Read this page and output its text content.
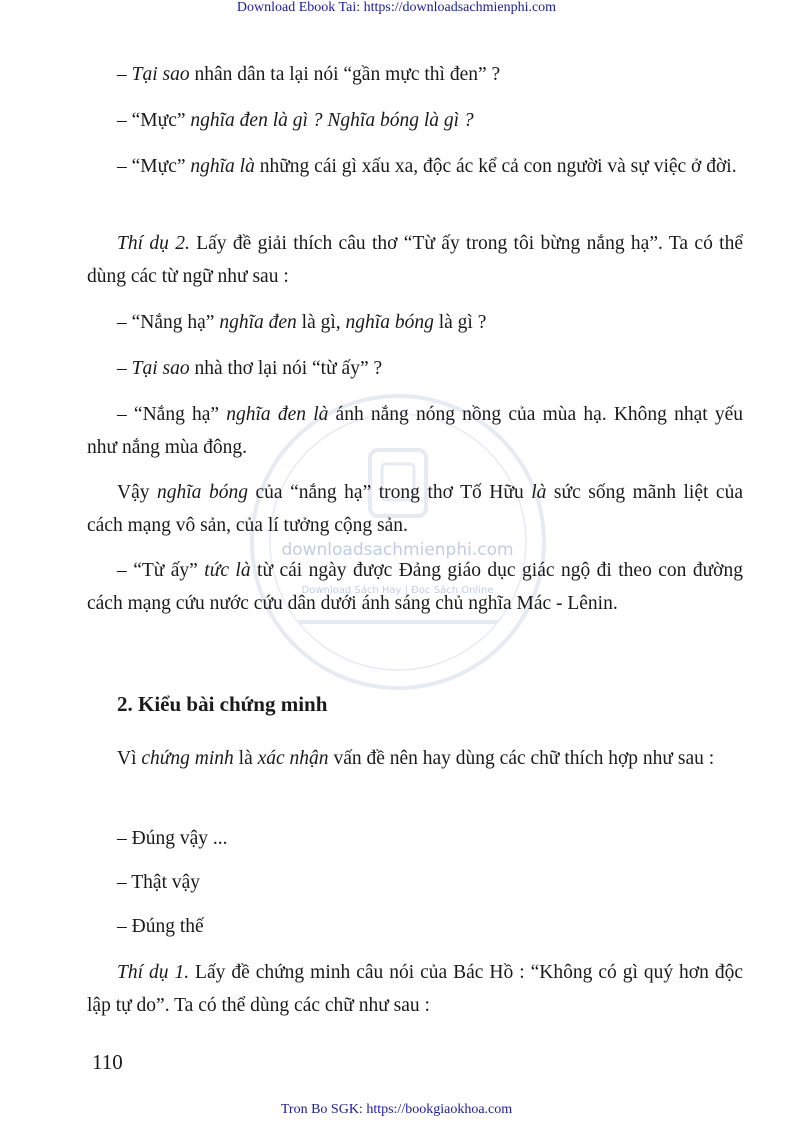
Download Ebook Tai: https://downloadsachmienphi.com
downloadsachmienphi.com
Download Sách Hay | Đọc Sách Online

– Tại sao nhân dân ta lại nói “gần mực thì đen” ?

– “Mực” nghĩa đen là gì ? Nghĩa bóng là gì ?

– “Mực” nghĩa là những cái gì xấu xa, độc ác kể cả con người và sự việc ở đời.

Thí dụ 2. Lấy đề giải thích câu thơ “Từ ấy trong tôi bừng nắng hạ”. Ta có thể dùng các từ ngữ như sau :

– “Nắng hạ” nghĩa đen là gì, nghĩa bóng là gì ?

– Tại sao nhà thơ lại nói “từ ấy” ?

– “Nắng hạ” nghĩa đen là ánh nắng nóng nồng của mùa hạ. Không nhạt yếu như nắng mùa đông.

Vậy nghĩa bóng của “nắng hạ” trong thơ Tố Hữu là sức sống mãnh liệt của cách mạng vô sản, của lí tưởng cộng sản.

– “Từ ấy” tức là từ cái ngày được Đảng giáo dục giác ngộ đi theo con đường cách mạng cứu nước cứu dân dưới ánh sáng chủ nghĩa Mác - Lênin.

2. Kiểu bài chứng minh

Vì chứng minh là xác nhận vấn đề nên hay dùng các chữ thích hợp như sau :

– Đúng vậy ...

– Thật vậy

– Đúng thế

Thí dụ 1. Lấy đề chứng minh câu nói của Bác Hồ : “Không có gì quý hơn độc lập tự do”. Ta có thể dùng các chữ như sau :

110

Tron Bo SGK: https://bookgiaokhoa.com
